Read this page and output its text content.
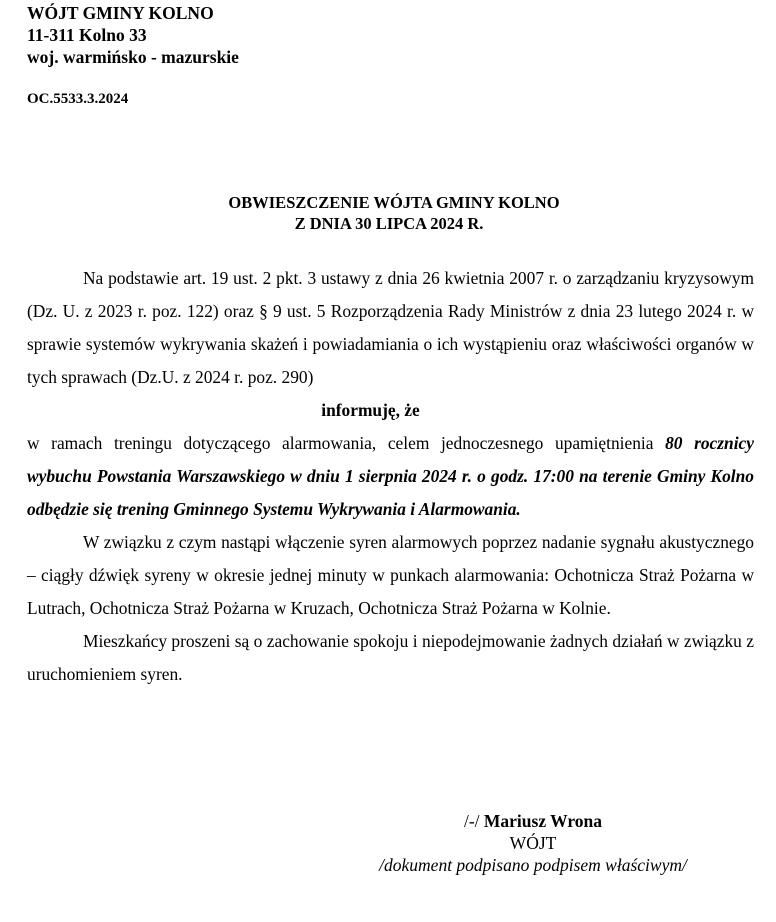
WÓJT GMINY KOLNO
11-311 Kolno 33
woj. warmińsko - mazurskie
OC.5533.3.2024
OBWIESZCZENIE WÓJTA GMINY KOLNO
Z DNIA 30 LIPCA 2024 R.

Na podstawie art. 19 ust. 2 pkt. 3 ustawy z dnia 26 kwietnia 2007 r. o zarządzaniu kryzysowym (Dz. U. z 2023 r. poz. 122) oraz § 9 ust. 5 Rozporządzenia Rady Ministrów z dnia 23 lutego 2024 r. w sprawie systemów wykrywania skażeń i powiadamiania o ich wystąpieniu oraz właściwości organów w tych sprawach (Dz.U. z 2024 r. poz. 290)

informuję, że

w ramach treningu dotyczącego alarmowania, celem jednoczesnego upamiętnienia 80 rocznicy wybuchu Powstania Warszawskiego w dniu 1 sierpnia 2024 r. o godz. 17:00 na terenie Gminy Kolno odbędzie się trening Gminnego Systemu Wykrywania i Alarmowania.

W związku z czym nastąpi włączenie syren alarmowych poprzez nadanie sygnału akustycznego – ciągły dźwięk syreny w okresie jednej minuty w punkach alarmowania: Ochotnicza Straż Pożarna w Lutrach, Ochotnicza Straż Pożarna w Kruzach, Ochotnicza Straż Pożarna w Kolnie.

Mieszkańcy proszeni są o zachowanie spokoju i niepodejmowanie żadnych działań w związku z uruchomieniem syren.

/-/ Mariusz Wrona
WÓJT
/dokument podpisano podpisem właściwym/
